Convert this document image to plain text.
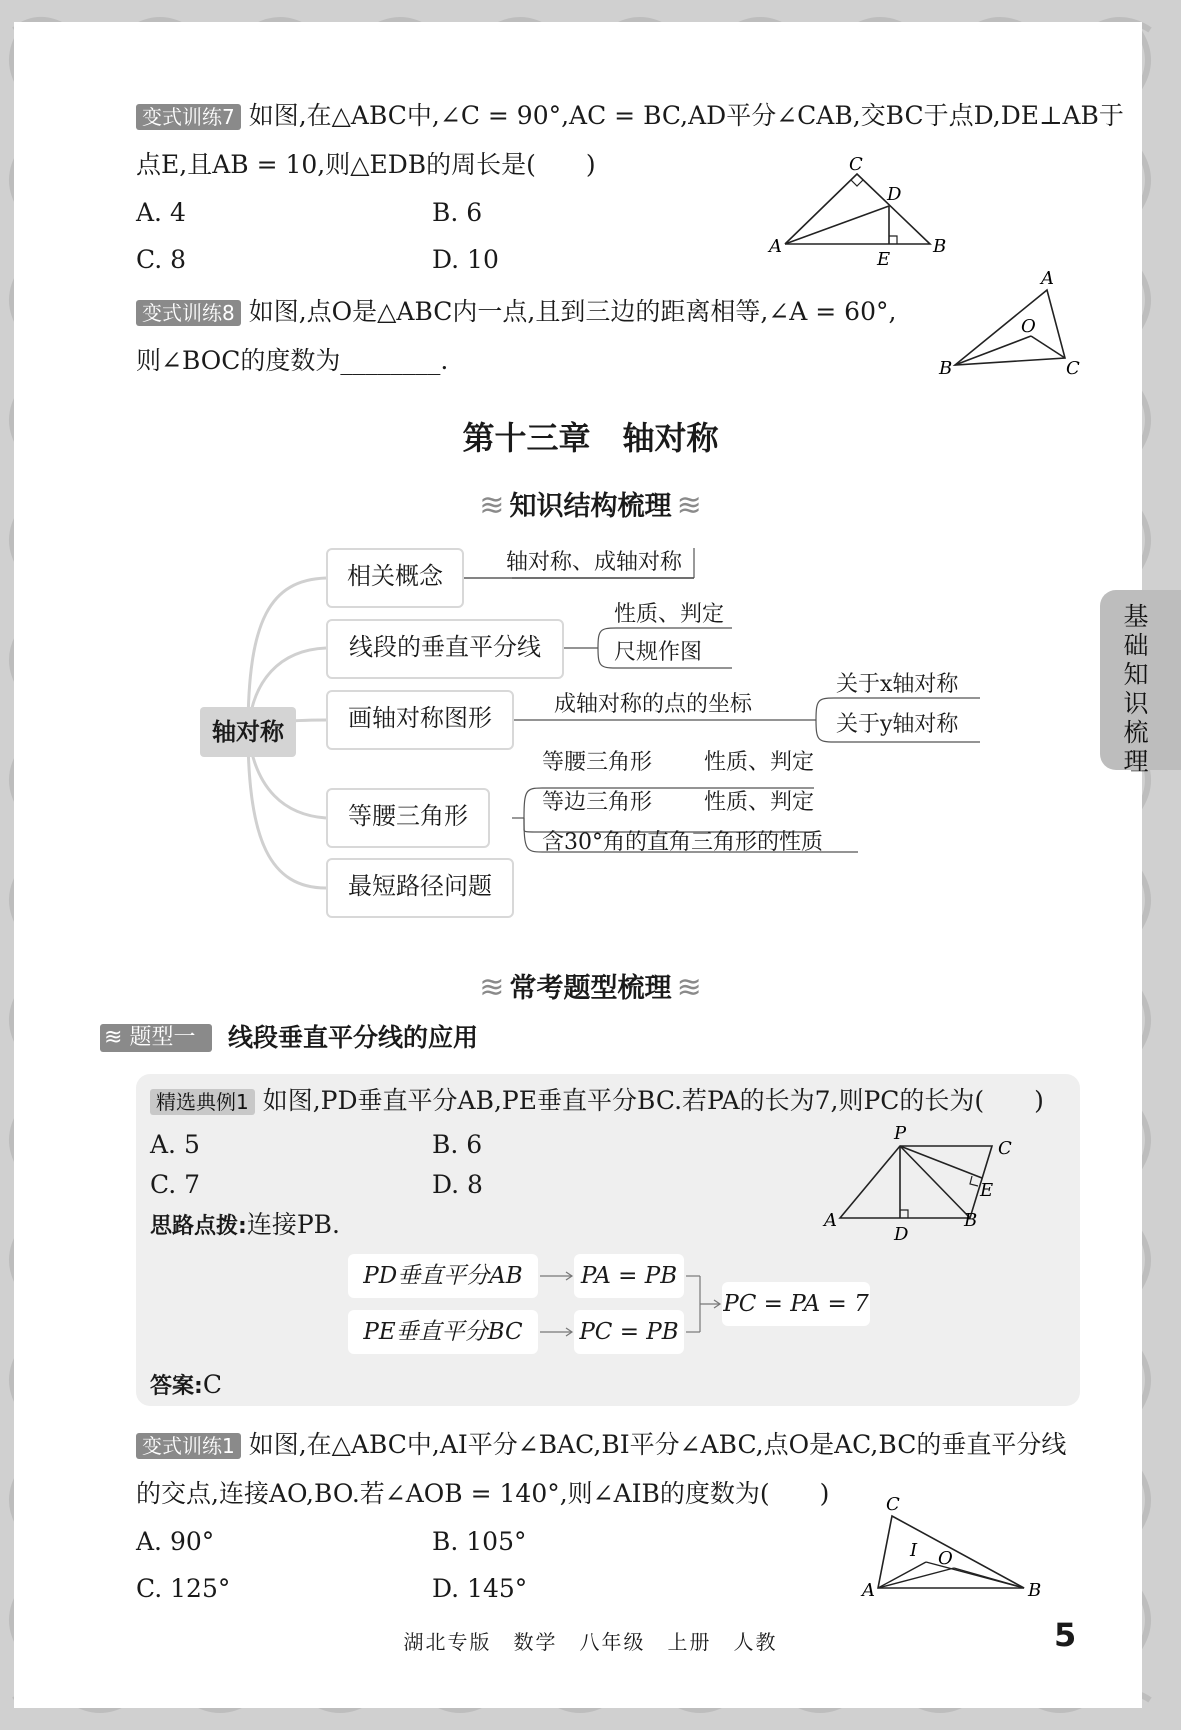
变式训练7 如图,在△ABC中,∠C = 90°,AC = BC,AD平分∠CAB,交BC于点D,DE⊥AB于
点E,且AB = 10,则△EDB的周长是(　　)
A. 4	B. 6
C. 8	D. 10
C
D
A
E
B
变式训练8 如图,点O是△ABC内一点,且到三边的距离相等,∠A = 60°,
则∠BOC的度数为________.
A
O
B	C
第十三章　轴对称
≋ 知识结构梳理 ≋
轴对称
相关概念
线段的垂直平分线
画轴对称图形
等腰三角形
最短路径问题
轴对称、成轴对称
性质、判定
尺规作图
成轴对称的点的坐标
关于x轴对称
关于y轴对称
等腰三角形 性质、判定
等边三角形 性质、判定
含30°角的直角三角形的性质
≋ 常考题型梳理 ≋
≋ 题型一 线段垂直平分线的应用
精选典例1 如图,PD垂直平分AB,PE垂直平分BC.若PA的长为7,则PC的长为(　　)
A. 5	B. 6
C. 7	D. 8
思路点拨:连接PB.
P
C
E
A
D
B
PD垂直平分AB	PA = PB
PE垂直平分BC	PC = PB
PC = PA = 7
答案:C
变式训练1 如图,在△ABC中,AI平分∠BAC,BI平分∠ABC,点O是AC,BC的垂直平分线
的交点,连接AO,BO.若∠AOB = 140°,则∠AIB的度数为(　　)
A. 90°	B. 105°
C. 125°	D. 145°
C
I O
A	B
基础知识梳理
湖北专版　数学　八年级　上册　人教	5
